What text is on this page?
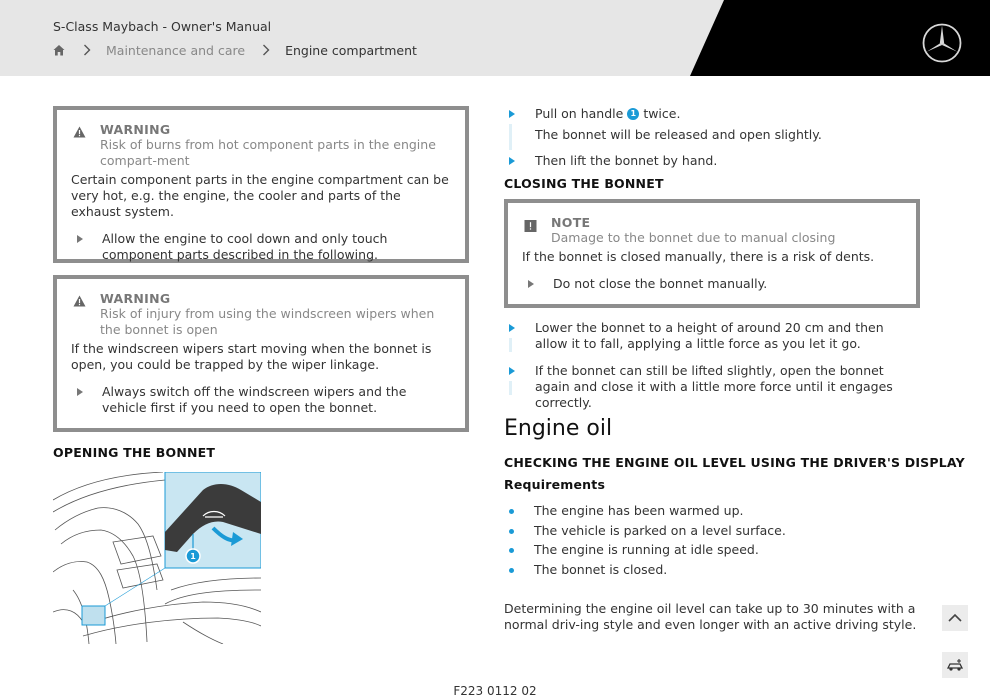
S-Class Maybach - Owner's Manual
Maintenance and care	Engine compartment
WARNING
Risk of burns from hot component parts in the engine compart-ment
Certain component parts in the engine compartment can be very hot, e.g. the engine, the cooler and parts of the exhaust system.
Allow the engine to cool down and only touch component parts described in the following.
WARNING
Risk of injury from using the windscreen wipers when the bonnet is open
If the windscreen wipers start moving when the bonnet is open, you could be trapped by the wiper linkage.
Always switch off the windscreen wipers and the vehicle first if you need to open the bonnet.
OPENING THE BONNET
1
Pull on handle 1 twice.
The bonnet will be released and open slightly.
Then lift the bonnet by hand.
CLOSING THE BONNET
NOTE
Damage to the bonnet due to manual closing
If the bonnet is closed manually, there is a risk of dents.
Do not close the bonnet manually.
Lower the bonnet to a height of around 20 cm and then allow it to fall, applying a little force as you let it go.
If the bonnet can still be lifted slightly, open the bonnet again and close it with a little more force until it engages correctly.
Engine oil
CHECKING THE ENGINE OIL LEVEL USING THE DRIVER'S DISPLAY
Requirements
The engine has been warmed up.
The vehicle is parked on a level surface.
The engine is running at idle speed.
The bonnet is closed.
Determining the engine oil level can take up to 30 minutes with a normal driv-ing style and even longer with an active driving style.
F223 0112 02
